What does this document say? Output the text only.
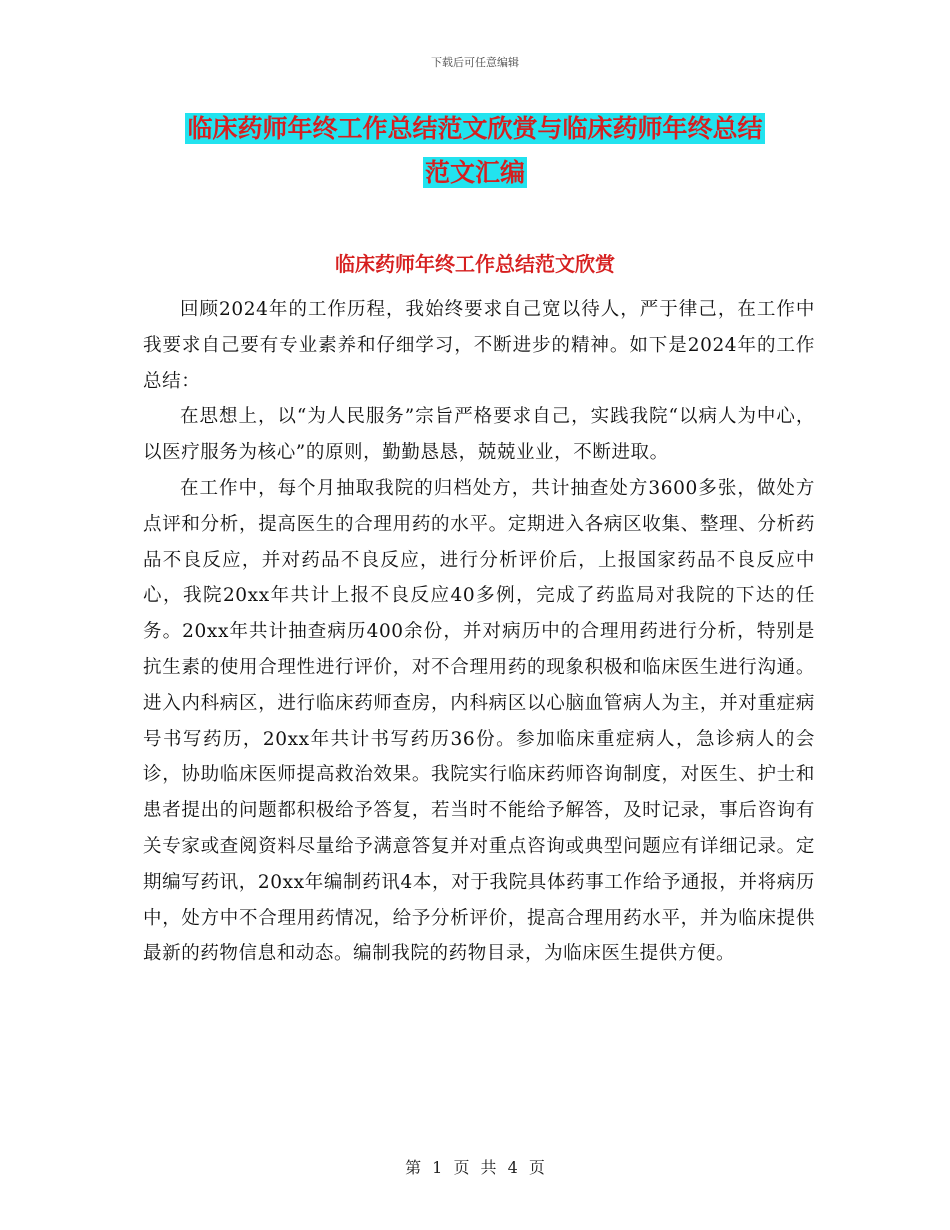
下载后可任意编辑
临床药师年终工作总结范文欣赏与临床药师年终总结
范文汇编
临床药师年终工作总结范文欣赏

回顾2024年的工作历程，我始终要求自己宽以待人，严于律己，在工作中我要求自己要有专业素养和仔细学习，不断进步的精神。如下是2024年的工作总结：

在思想上，以“为人民服务”宗旨严格要求自己，实践我院“以病人为中心，以医疗服务为核心”的原则，勤勤恳恳，兢兢业业，不断进取。

在工作中，每个月抽取我院的归档处方，共计抽查处方3600多张，做处方点评和分析，提高医生的合理用药的水平。定期进入各病区收集、整理、分析药品不良反应，并对药品不良反应，进行分析评价后，上报国家药品不良反应中心，我院20xx年共计上报不良反应40多例，完成了药监局对我院的下达的任务。20xx年共计抽查病历400余份，并对病历中的合理用药进行分析，特别是抗生素的使用合理性进行评价，对不合理用药的现象积极和临床医生进行沟通。进入内科病区，进行临床药师查房，内科病区以心脑血管病人为主，并对重症病号书写药历，20xx年共计书写药历36份。参加临床重症病人，急诊病人的会诊，协助临床医师提高救治效果。我院实行临床药师咨询制度，对医生、护士和患者提出的问题都积极给予答复，若当时不能给予解答，及时记录，事后咨询有关专家或查阅资料尽量给予满意答复并对重点咨询或典型问题应有详细记录。定期编写药讯，20xx年编制药讯4本，对于我院具体药事工作给予通报，并将病历中，处方中不合理用药情况，给予分析评价，提高合理用药水平，并为临床提供最新的药物信息和动态。编制我院的药物目录，为临床医生提供方便。

第 1 页 共 4 页
